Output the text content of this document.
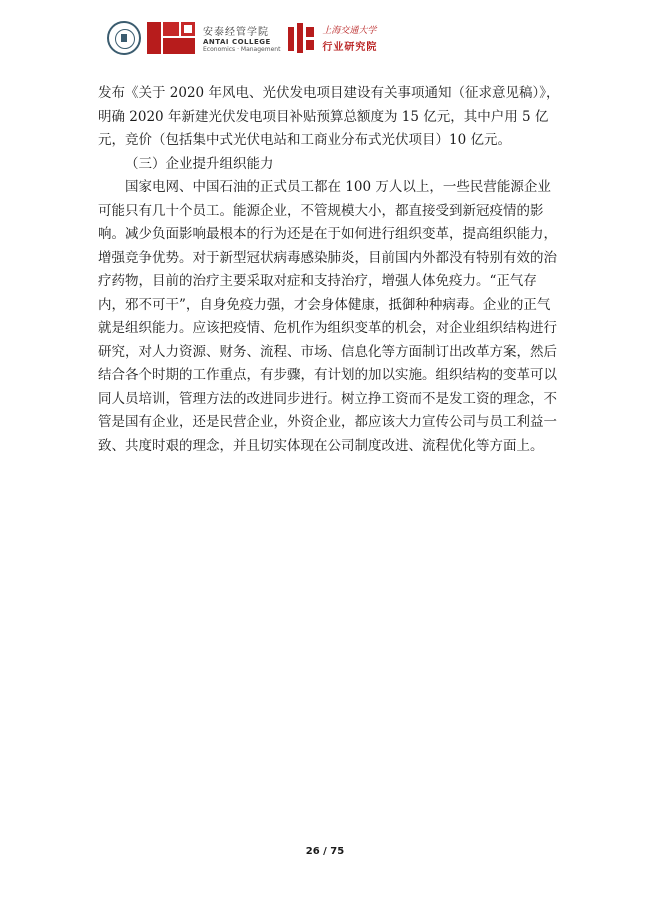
安泰经管学院
ANTAI COLLEGE
Economics · Management
上海交通大学
行业研究院

发布《关于 2020 年风电、光伏发电项目建设有关事项通知（征求意见稿）》，明确 2020 年新建光伏发电项目补贴预算总额度为 15 亿元，其中户用 5 亿元，竞价（包括集中式光伏电站和工商业分布式光伏项目）10 亿元。

（三）企业提升组织能力

国家电网、中国石油的正式员工都在 100 万人以上，一些民营能源企业可能只有几十个员工。能源企业，不管规模大小，都直接受到新冠疫情的影响。减少负面影响最根本的行为还是在于如何进行组织变革，提高组织能力，增强竞争优势。对于新型冠状病毒感染肺炎，目前国内外都没有特别有效的治疗药物，目前的治疗主要采取对症和支持治疗，增强人体免疫力。“正气存内，邪不可干”，自身免疫力强，才会身体健康，抵御种种病毒。企业的正气就是组织能力。应该把疫情、危机作为组织变革的机会，对企业组织结构进行研究，对人力资源、财务、流程、市场、信息化等方面制订出改革方案，然后结合各个时期的工作重点，有步骤，有计划的加以实施。组织结构的变革可以同人员培训，管理方法的改进同步进行。树立挣工资而不是发工资的理念，不管是国有企业，还是民营企业，外资企业，都应该大力宣传公司与员工利益一致、共度时艰的理念，并且切实体现在公司制度改进、流程优化等方面上。

26 / 75
